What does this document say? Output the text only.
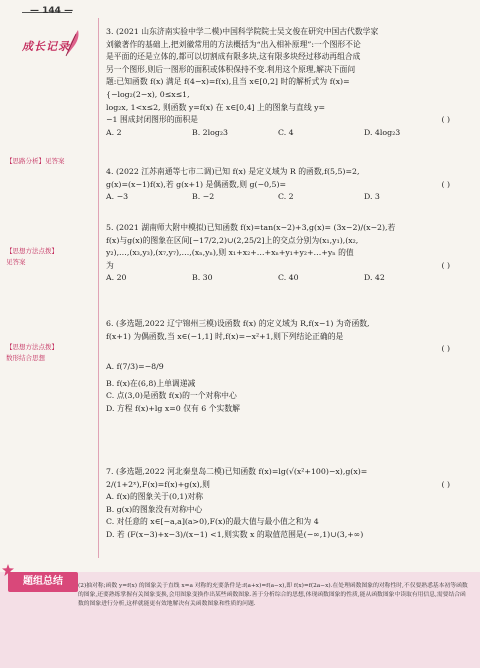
— 144 —
成长记录
【思路分析】见答案
【思想方法点拨】
见答案
【思想方法点拨】
数形结合思想

3. (2021 山东济南实验中学二模)中国科学院院士吴文俊在研究中国古代数学家

刘徽著作的基础上,把刘徽常用的方法概括为“出入相补原理”:一个图形不论

是平面的还是立体的,都可以切割成有限多块,这有限多块经过移动再组合成

另一个图形,则后一图形的面积或体积保持不变.利用这个原理,解决下面问

题:已知函数 f(x) 满足 f(4−x)=f(x),且当 x∈[0,2] 时的解析式为 f(x)=

{−log₂(2−x), 0≤x≤1,

log₂x, 1<x≤2, 则函数 y=f(x) 在 x∈[0,4] 上的图象与直线 y=

−1 围成封闭图形的面积是	( )

A. 2	B. 2log₂3	C. 4	D. 4log₂3

4. (2022 江苏南通等七市二调)已知 f(x) 是定义域为 R 的函数,f(5,5)=2,

g(x)=(x−1)f(x),若 g(x+1) 是偶函数,则 g(−0,5)=	( )

A. −3	B. −2	C. 2	D. 3

5. (2021 湖南师大附中模拟)已知函数 f(x)=tan(x−2)+3,g(x)= (3x−2)/(x−2),若

f(x)与g(x)的图象在区间[−17/2,2)∪(2,25/2]上的交点分别为(x₁,y₁),(x₂,

y₂),…,(x₃,y₃),(x₇,y₇),…,(xₙ,yₙ),则 x₁+x₂+…+xₙ+y₁+y₂+…+yₙ 的值

为	( )

A. 20	B. 30	C. 40	D. 42

6. (多选题,2022 辽宁锦州三模)设函数 f(x) 的定义域为 R,f(x−1) 为奇函数,

f(x+1) 为偶函数,当 x∈(−1,1] 时,f(x)=−x²+1,则下列结论正确的是

( )

A. f(7/3)=−8/9

B. f(x)在(6,8)上单调递减

C. 点(3,0)是函数 f(x)的一个对称中心

D. 方程 f(x)+lg x=0 仅有 6 个实数解

7. (多选题,2022 河北秦皇岛二模)已知函数 f(x)=lg(√(x²+100)−x),g(x)=

2/(1+2ˣ),F(x)=f(x)+g(x),则	( )

A. f(x)的图象关于(0,1)对称

B. g(x)的图象没有对称中心

C. 对任意的 x∈[−a,a](a>0),F(x)的最大值与最小值之和为 4

D. 若 (F(x−3)+x−3)/(x−1) <1,则实数 x 的取值范围是(−∞,1)∪(3,+∞)

题组总结	(2)抽对称;函数 y=f(x) 的图象关于直线 x=a 对称的充要条件是:f(a+x)=f(a−x),即 f(x)=f(2a−x).在处理函数图象的对称性时,不仅要熟悉基本初等函数的图象,还要熟练掌握有关图象变换,会用图象变换作出某些函数图象.善于分析综合的思想,体现函数图象的性质,能从函数图象中读取有用信息,需要结合函数的图象进行分析,这样就能更有效地解决有关函数图象和性质的问题.
